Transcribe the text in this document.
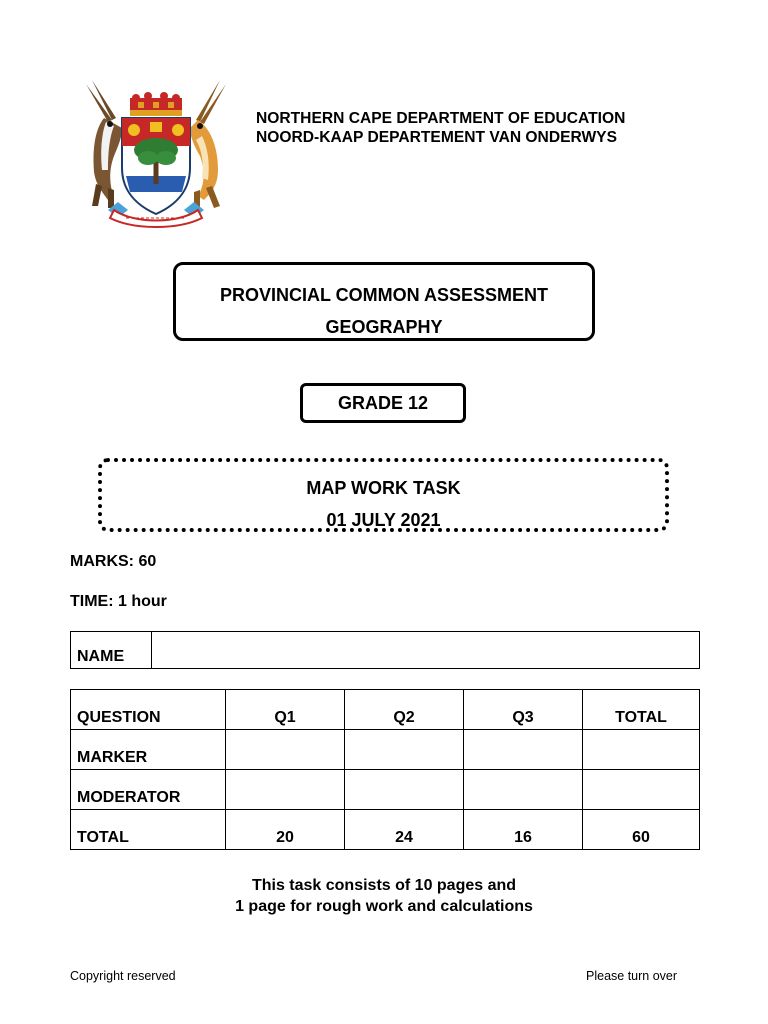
NORTHERN CAPE DEPARTMENT OF EDUCATION
NOORD-KAAP DEPARTEMENT VAN ONDERWYS
PROVINCIAL COMMON ASSESSMENT
GEOGRAPHY
GRADE 12
MAP WORK TASK
01 JULY 2021
MARKS: 60
TIME: 1 hour
NAME

QUESTION	Q1	Q2	Q3	TOTAL

MARKER				

MODERATOR				

TOTAL	20	24	16	60
This task consists of 10 pages and
1 page for rough work and calculations
Copyright reserved	Please turn over
